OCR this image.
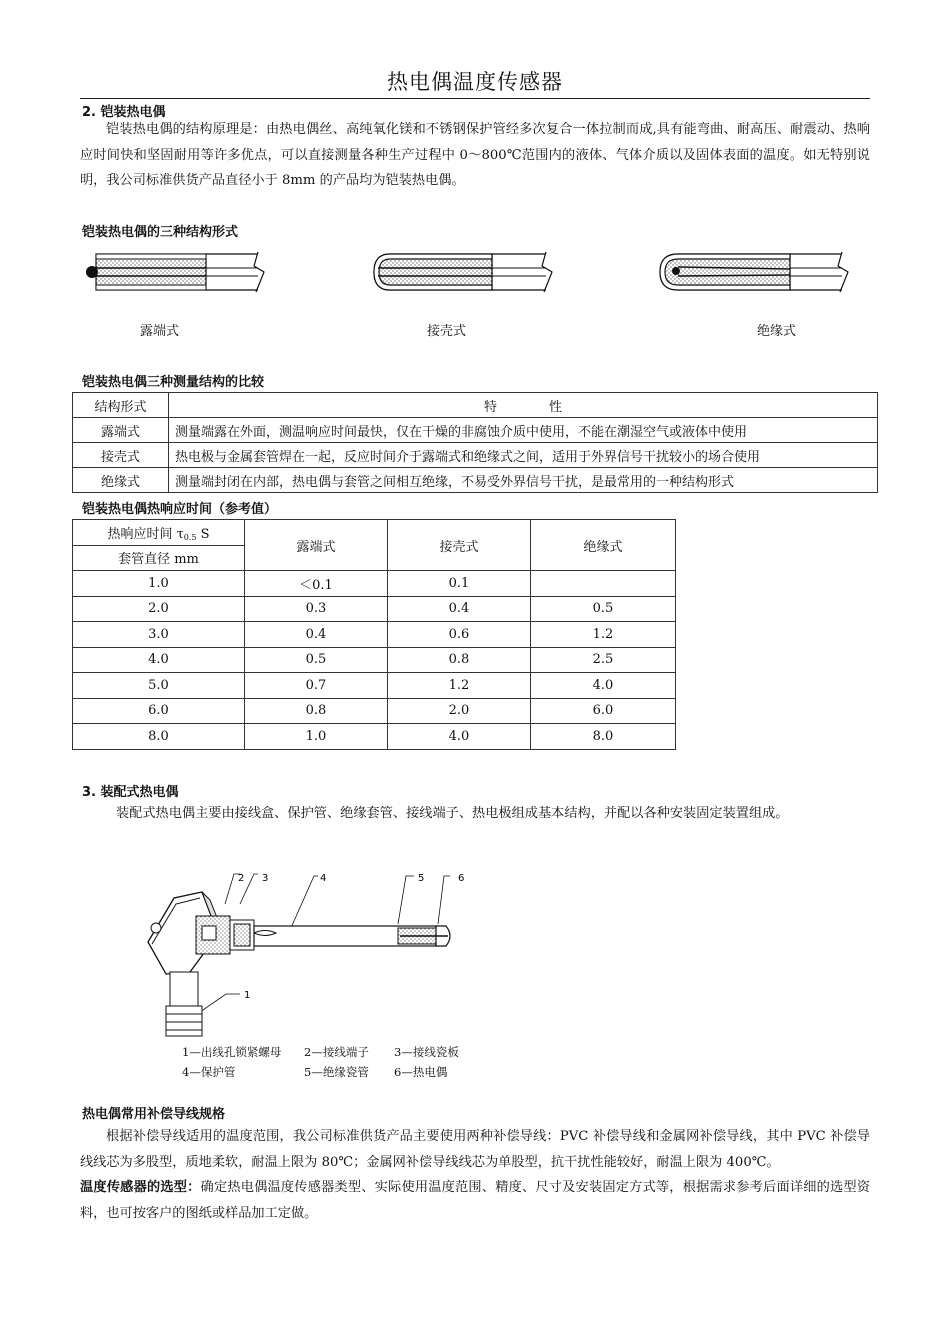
热电偶温度传感器
2. 铠装热电偶
铠装热电偶的结构原理是：由热电偶丝、高纯氧化镁和不锈钢保护管经多次复合一体拉制而成,具有能弯曲、耐高压、耐震动、热响应时间快和坚固耐用等许多优点，可以直接测量各种生产过程中 0～800℃范围内的液体、气体介质以及固体表面的温度。如无特别说明，我公司标准供货产品直径小于 8mm 的产品均为铠装热电偶。
铠装热电偶的三种结构形式
露端式	接壳式	绝缘式
铠装热电偶三种测量结构的比较
结构形式	特　　　　性
露端式	测量端露在外面，测温响应时间最快，仅在干燥的非腐蚀介质中使用，不能在潮湿空气或液体中使用
接壳式	热电极与金属套管焊在一起，反应时间介于露端式和绝缘式之间，适用于外界信号干扰较小的场合使用
绝缘式	测量端封闭在内部，热电偶与套管之间相互绝缘，不易受外界信号干扰，是最常用的一种结构形式
铠装热电偶热响应时间（参考值）
热响应时间 $\tau_{0.5}$ S	露端式	接壳式	绝缘式
套管直径 mm			
1.0	＜0.1	0.1	
2.0	0.3	0.4	0.5
3.0	0.4	0.6	1.2
4.0	0.5	0.8	2.5
5.0	0.7	1.2	4.0
6.0	0.8	2.0	6.0
8.0	1.0	4.0	8.0
3. 装配式热电偶
装配式热电偶主要由接线盒、保护管、绝缘套管、接线端子、热电极组成基本结构，并配以各种安装固定装置组成。
2 3	4	5	6
1
1—出线孔锁紧螺母	2—接线端子	3—接线瓷板
4—保护管	5—绝缘瓷管	6—热电偶
热电偶常用补偿导线规格
根据补偿导线适用的温度范围，我公司标准供货产品主要使用两种补偿导线：PVC 补偿导线和金属网补偿导线，其中 PVC 补偿导线线芯为多股型，质地柔软，耐温上限为 80℃；金属网补偿导线线芯为单股型，抗干扰性能较好，耐温上限为 400℃。
温度传感器的选型：确定热电偶温度传感器类型、实际使用温度范围、精度、尺寸及安装固定方式等，根据需求参考后面详细的选型资料，也可按客户的图纸或样品加工定做。
